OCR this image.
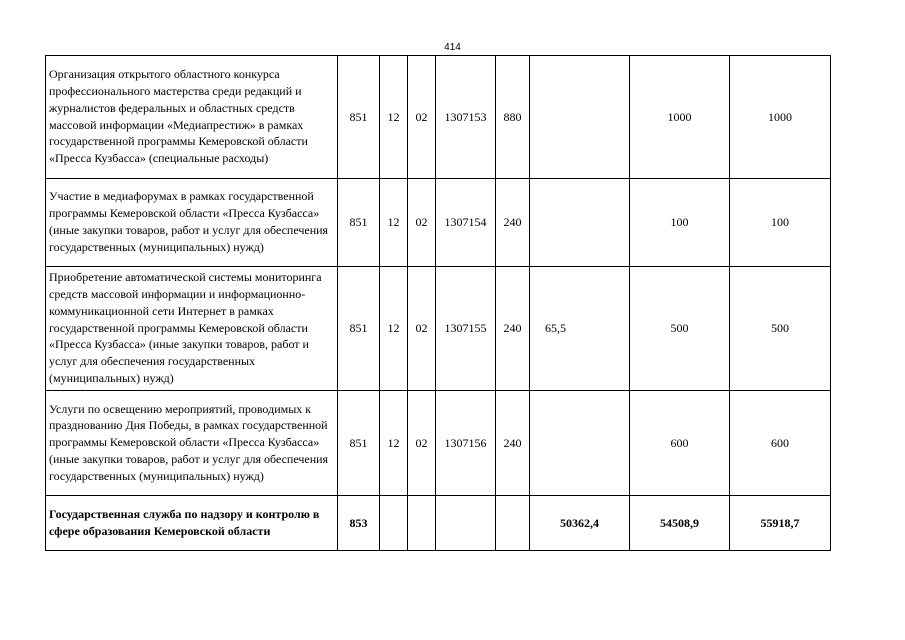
414
Организация открытого областного конкурса профессионального мастерства среди редакций и журналистов федеральных и областных средств массовой информации «Медиапрестиж» в рамках государственной программы Кемеровской области «Пресса Кузбасса» (специальные расходы)	851	12	02	1307153	880		1000	1000
Участие в медиафорумах в рамках государственной программы Кемеровской области «Пресса Кузбасса» (иные закупки товаров, работ и услуг для обеспечения государственных (муниципальных) нужд)	851	12	02	1307154	240		100	100
Приобретение автоматической системы мониторинга средств массовой информации и информационно-коммуникационной сети Интернет в рамках государственной программы Кемеровской области «Пресса Кузбасса» (иные закупки товаров, работ и услуг для обеспечения государственных (муниципальных) нужд)	851	12	02	1307155	240	65,5	500	500
Услуги по освещению мероприятий, проводимых к празднованию Дня Победы, в рамках государственной программы Кемеровской области «Пресса Кузбасса» (иные закупки товаров, работ и услуг для обеспечения государственных (муниципальных) нужд)	851	12	02	1307156	240		600	600
Государственная служба по надзору и контролю в сфере образования Кемеровской области	853					50362,4	54508,9	55918,7
